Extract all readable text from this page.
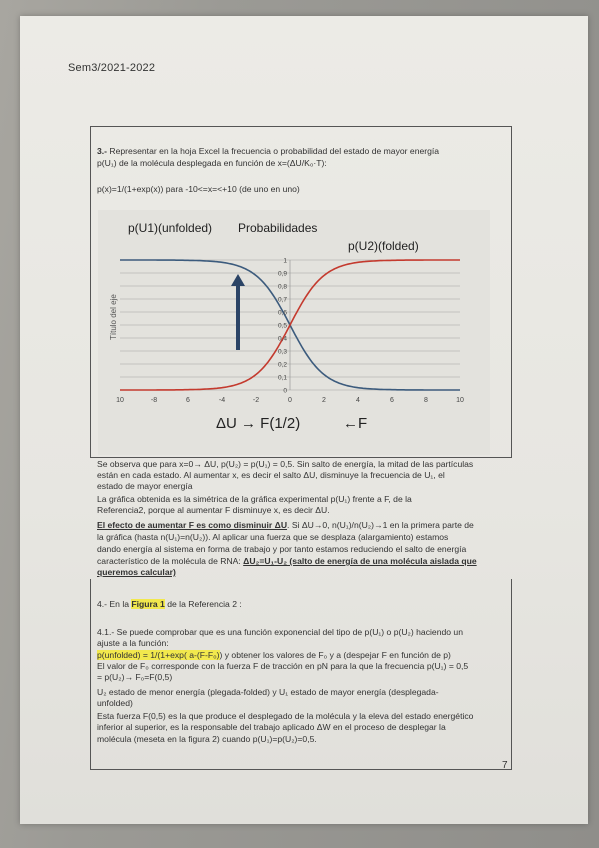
Sem3/2021-2022
3.- Representar en la hoja Excel la frecuencia o probabilidad del estado de mayor energía
p(U₁) de la molécula desplegada en función de x=(ΔU/K₀·T):
p(x)=1/(1+exp(x)) para -10<=x=<+10 (de uno en uno)
0
0,1
0,2
0,3
0,4
0,5
0,6
0,7
0,8
0,9
1
10	-8	6	-4	-2	0	2	4	6	8	10
Título del eje
Probabilidades
p(U1)(unfolded)
p(U2)(folded)
ΔU → F(1/2)	←F
Se observa que para x=0→ ΔU, p(U₂) = p(U₁) = 0,5. Sin salto de energía, la mitad de las partículas
están en cada estado. Al aumentar x, es decir el salto ΔU, disminuye la frecuencia de U₁, el
estado de mayor energía
La gráfica obtenida es la simétrica de la gráfica experimental p(U₁) frente a F, de la
Referencia2, porque al aumentar F disminuye x, es decir ΔU.
El efecto de aumentar F es como disminuir ΔU. Si ΔU→0, n(U₁)/n(U₂)→1 en la primera parte de
la gráfica (hasta n(U₁)=n(U₂)). Al aplicar una fuerza que se desplaza (alargamiento) estamos
dando energía al sistema en forma de trabajo y por tanto estamos reduciendo el salto de energía
característico de la molécula de RNA: ΔU₂=U₁-U₂ (salto de energía de una molécula aislada que
queremos calcular)
4.- En la Figura 1 de la Referencia 2 :
4.1.- Se puede comprobar que es una función exponencial del tipo de p(U₁) o p(U₂) haciendo un
ajuste a la función:
p(unfolded) = 1/(1+exp( a-(F-F₀)) y obtener los valores de F₀ y a (despejar F en función de p)
El valor de F₀ corresponde con la fuerza F de tracción en pN para la que la frecuencia p(U₁) = 0,5
= p(U₂)→ F₀=F(0,5)
U₂ estado de menor energía (plegada-folded) y U₁ estado de mayor energía (desplegada-
unfolded)
Esta fuerza F(0,5) es la que produce el desplegado de la molécula y la eleva del estado energético
inferior al superior, es la responsable del trabajo aplicado ΔW en el proceso de desplegar la
molécula (meseta en la figura 2) cuando p(U₁)=p(U₂)=0,5.
7
